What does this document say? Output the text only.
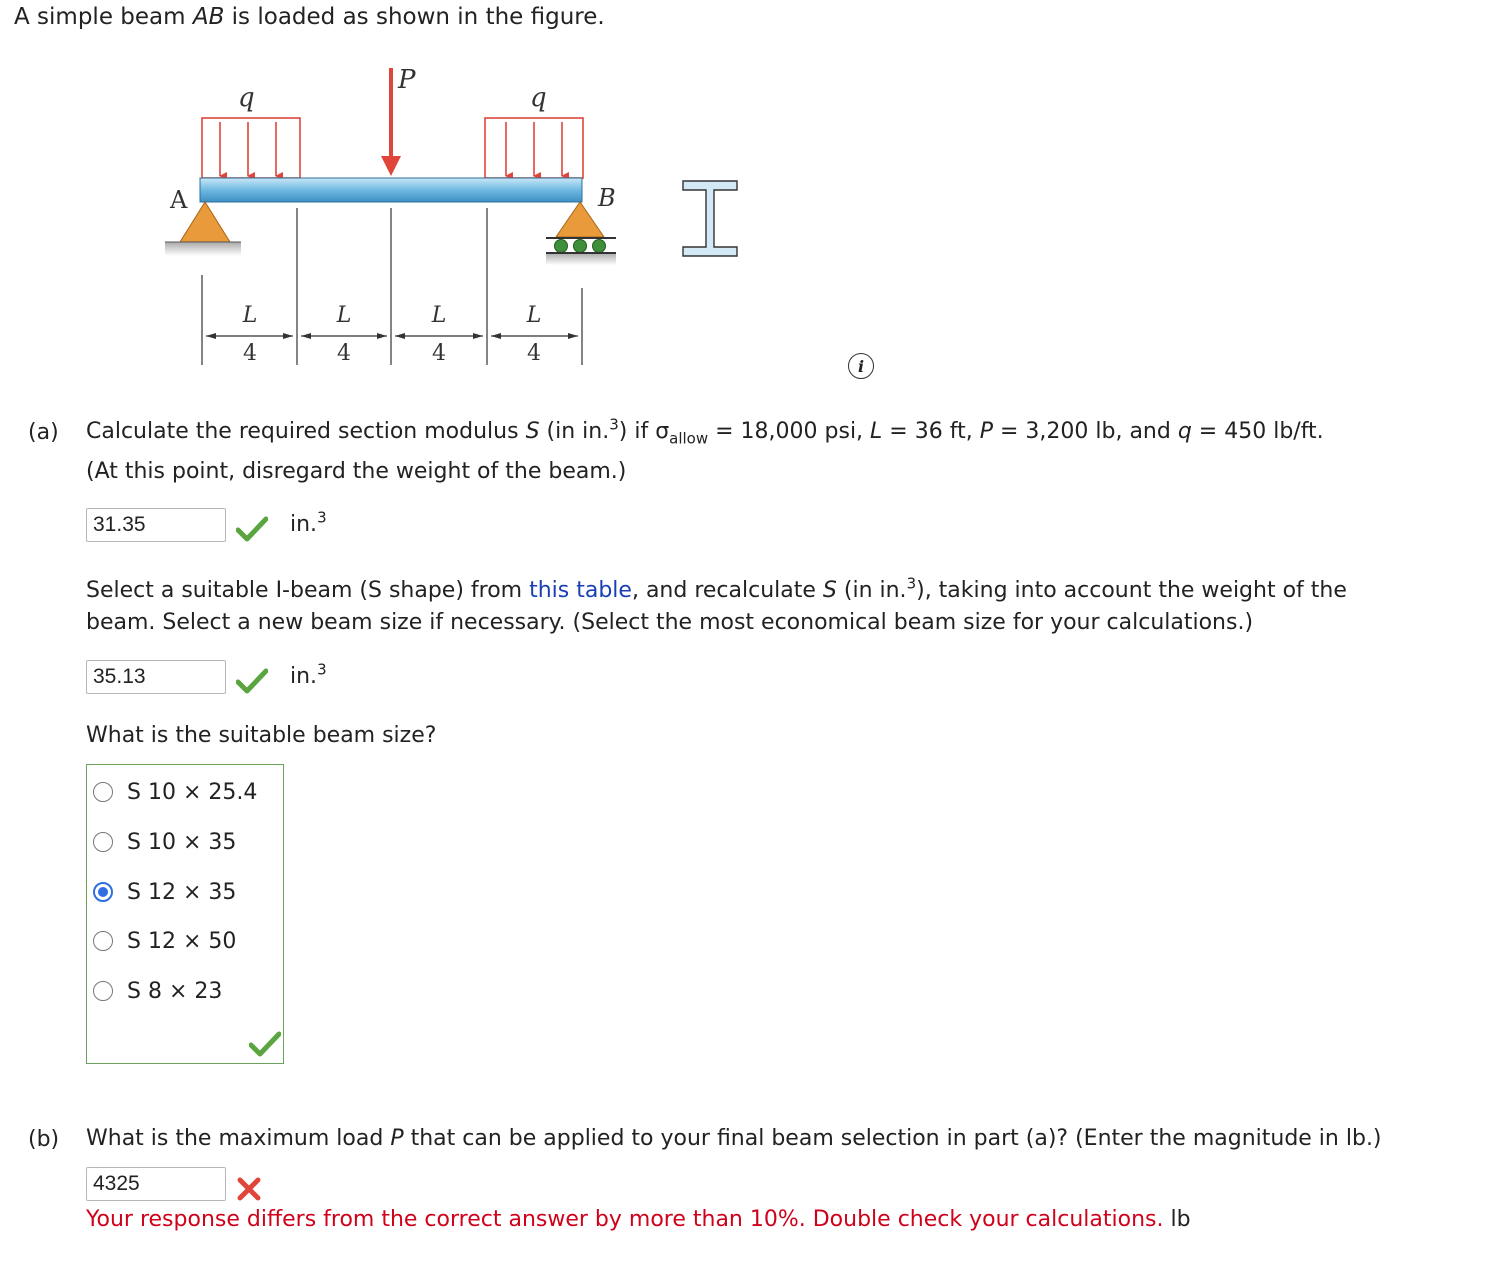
A simple beam AB is loaded as shown in the figure.
q
P
q
A	B
L
4
L
4
L
4
L
4	i
(a) Calculate the required section modulus S (in in.$^3$) if $\sigma_{allow} = 18,000$ psi, L = 36 ft, P = 3,200 lb, and q = 450 lb/ft.
(At this point, disregard the weight of the beam.)
31.35	in.$^3$
Select a suitable I-beam (S shape) from this table, and recalculate S (in in.$^3$), taking into account the weight of the
beam. Select a new beam size if necessary. (Select the most economical beam size for your calculations.)
35.13	in.$^3$
What is the suitable beam size?
S 10 × 25.4
S 10 × 35
S 12 × 35
S 12 × 50
S 8 × 23
(b) What is the maximum load P that can be applied to your final beam selection in part (a)? (Enter the magnitude in lb.)
4325
Your response differs from the correct answer by more than 10%. Double check your calculations. lb
